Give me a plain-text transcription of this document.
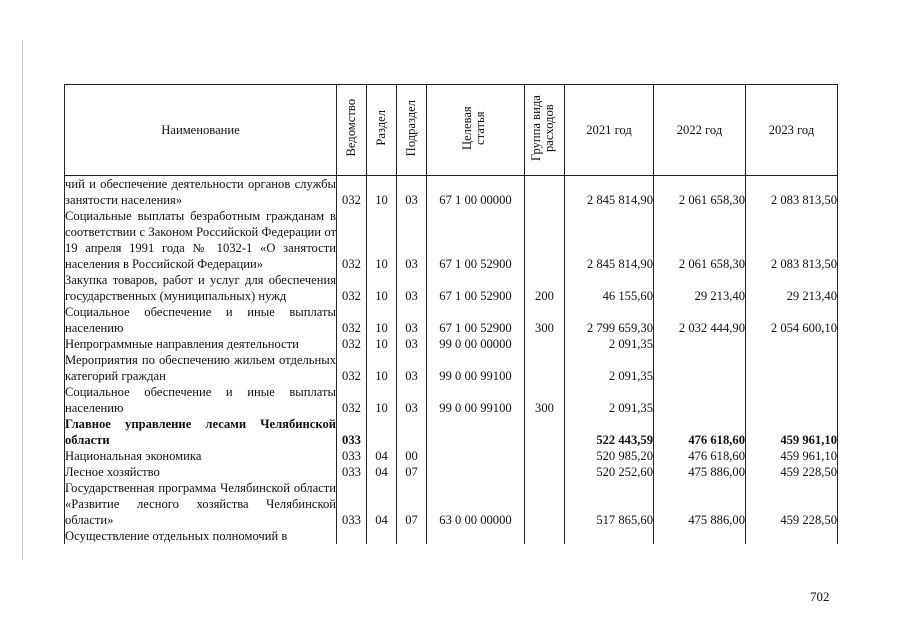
Наименование	Ведомство	Раздел	Подраздел	Целевая статья	Группа вида расходов	2021 год	2022 год	2023 год
чий и обеспечение деятельности органов службы занятости населения»	032	10	03	67 1 00 00000		2 845 814,90	2 061 658,30	2 083 813,50
Социальные выплаты безработным гражданам в соответствии с Законом Российской Федерации от 19 апреля 1991 года № 1032-1 «О занятости населения в Российской Федерации»	032	10	03	67 1 00 52900		2 845 814,90	2 061 658,30	2 083 813,50
Закупка товаров, работ и услуг для обеспечения государственных (муниципальных) нужд	032	10	03	67 1 00 52900	200	46 155,60	29 213,40	29 213,40
Социальное обеспечение и иные выплаты населению	032	10	03	67 1 00 52900	300	2 799 659,30	2 032 444,90	2 054 600,10
Непрограммные направления деятельности	032	10	03	99 0 00 00000		2 091,35		
Мероприятия по обеспечению жильем отдельных категорий граждан	032	10	03	99 0 00 99100		2 091,35		
Социальное обеспечение и иные выплаты населению	032	10	03	99 0 00 99100	300	2 091,35		
Главное управление лесами Челябинской области	033					522 443,59	476 618,60	459 961,10
Национальная экономика	033	04	00			520 985,20	476 618,60	459 961,10
Лесное хозяйство	033	04	07			520 252,60	475 886,00	459 228,50
Государственная программа Челябинской области «Развитие лесного хозяйства Челябинской области»	033	04	07	63 0 00 00000		517 865,60	475 886,00	459 228,50
Осуществление отдельных полномочий в								
702
